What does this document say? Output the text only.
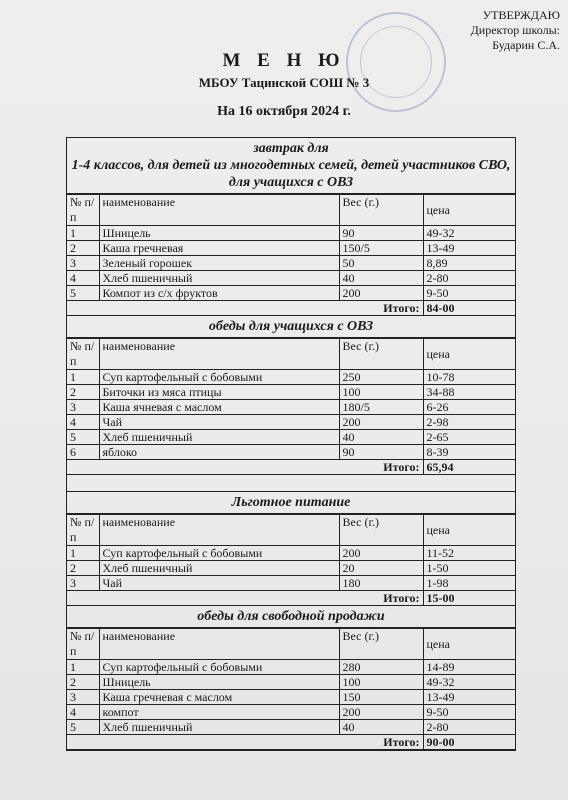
УТВЕРЖДАЮ
Директор школы:
Бударин С.А.
М Е Н Ю
МБОУ Тацинской СОШ № 3
На 16 октября 2024 г.
завтрак для
1-4 классов, для детей из многодетных семей, детей участников СВО, для учащихся с ОВЗ
№ п/п	наименование	Вес (г.)	цена
1	Шницель	90	49-32
2	Каша гречневая	150/5	13-49
3	Зеленый горошек	50	8,89
4	Хлеб пшеничный	40	2-80
5	Компот из с/х фруктов	200	9-50
Итого:			84-00
обеды для учащихся с ОВЗ
№ п/п	наименование	Вес (г.)	цена
1	Суп картофельный с бобовыми	250	10-78
2	Биточки из мяса птицы	100	34-88
3	Каша ячневая с маслом	180/5	6-26
4	Чай	200	2-98
5	Хлеб пшеничный	40	2-65
6	яблоко	90	8-39
Итого:			65,94
Льготное питание
№ п/п	наименование	Вес (г.)	цена
1	Суп картофельный с бобовыми	200	11-52
2	Хлеб пшеничный	20	1-50
3	Чай	180	1-98
Итого:			15-00
обеды для свободной продажи
№ п/п	наименование	Вес (г.)	цена
1	Суп картофельный с бобовыми	280	14-89
2	Шницель	100	49-32
3	Каша гречневая с маслом	150	13-49
4	компот	200	9-50
5	Хлеб пшеничный	40	2-80
Итого:			90-00
